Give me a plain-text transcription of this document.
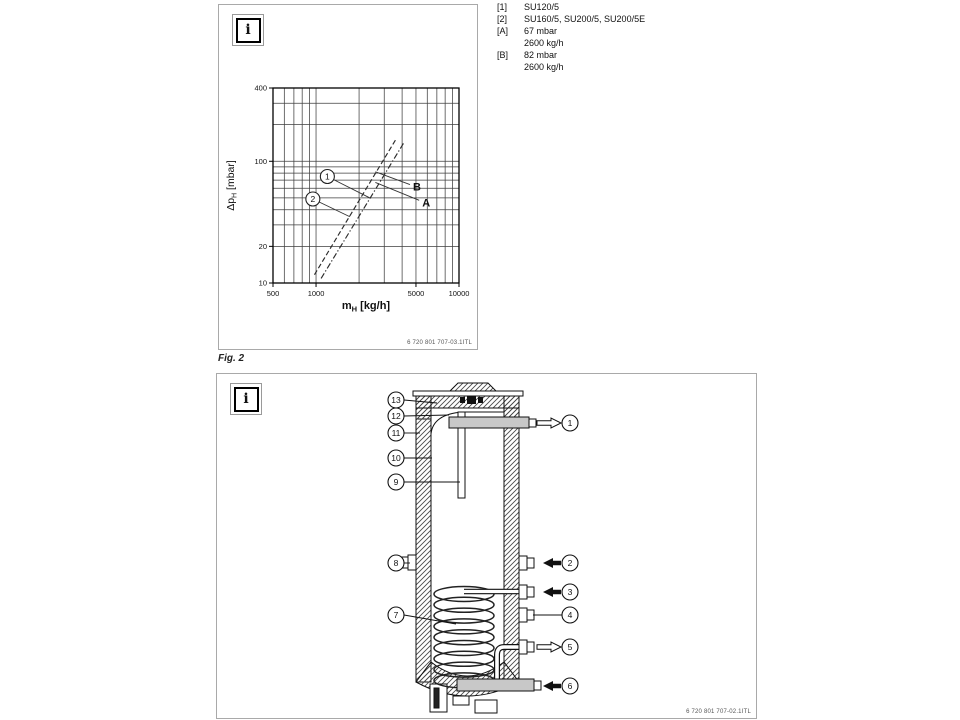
[1]	SU120/5
[2]	SU160/5, SU200/5, SU200/5E
[A]	67 mbar
2600 kg/h
[B]	82 mbar
2600 kg/h
i
500	1000	5000	10000
10
20
100
400
1
2
B
A
$\Delta p_H$ [mbar]
$m_H$ [kg/h]
6 720 801 707-03.1ITL
Fig. 2
i
1
2
3
4
5
6
13
12
11
10
9
8
7
6 720 801 707-02.1ITL
